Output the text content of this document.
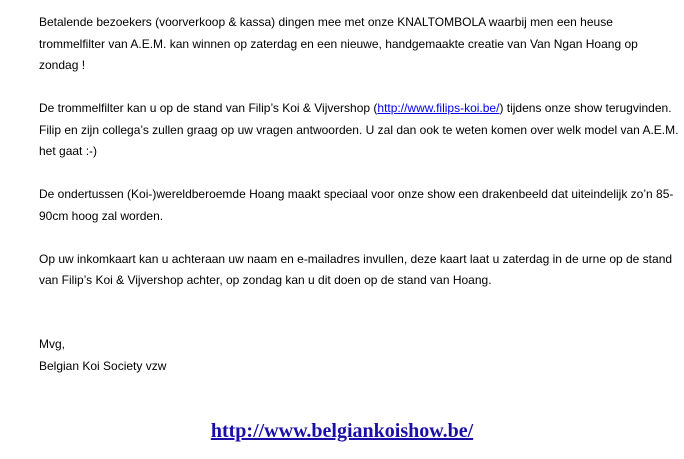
Betalende bezoekers (voorverkoop & kassa) dingen mee met onze KNALTOMBOLA waarbij men een heuse trommelfilter van A.E.M. kan winnen op zaterdag en een nieuwe, handgemaakte creatie van Van Ngan Hoang op zondag !

De trommelfilter kan u op de stand van Filip’s Koi & Vijvershop (http://www.filips-koi.be/) tijdens onze show terugvinden. Filip en zijn collega’s zullen graag op uw vragen antwoorden. U zal dan ook te weten komen over welk model van A.E.M. het gaat :-)

De ondertussen (Koi-)wereldberoemde Hoang maakt speciaal voor onze show een drakenbeeld dat uiteindelijk zo’n 85-90cm hoog zal worden.

Op uw inkomkaart kan u achteraan uw naam en e-mailadres invullen, deze kaart laat u zaterdag in de urne op de stand van Filip’s Koi & Vijvershop achter, op zondag kan u dit doen op de stand van Hoang.

Mvg,
Belgian Koi Society vzw
http://www.belgiankoishow.be/
